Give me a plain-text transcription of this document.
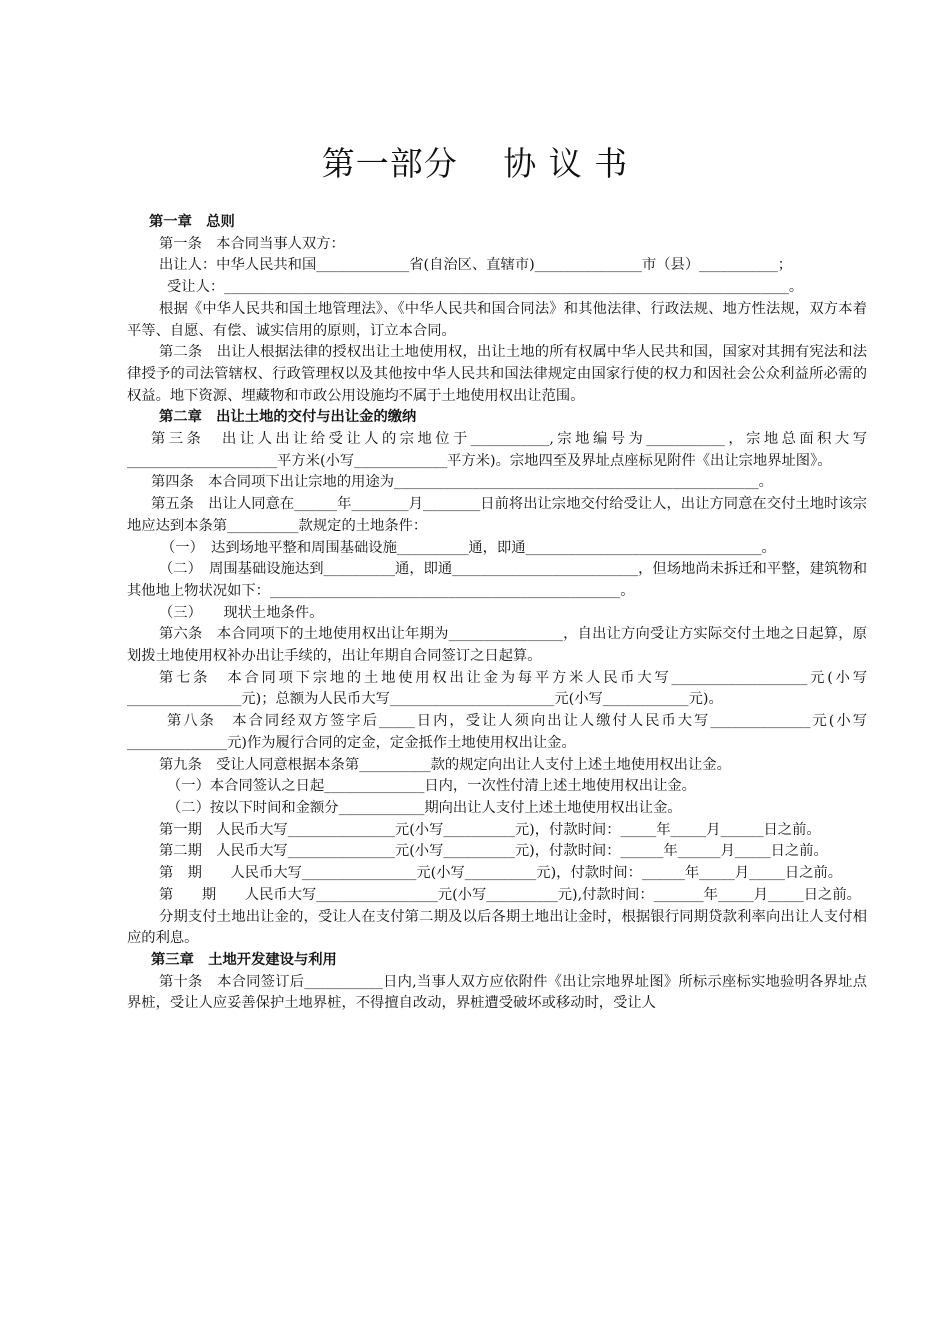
第一部分　 协 议 书

第一章　总则

第一条　本合同当事人双方：

出让人：中华人民共和国_____________省(自治区、直辖市)_______________市（县）___________；

受让人：_______________________________________________________________________________。

根据《中华人民共和国土地管理法》、《中华人民共和国合同法》和其他法律、行政法规、地方性法规，双方本着平等、自愿、有偿、诚实信用的原则，订立本合同。

第二条　出让人根据法律的授权出让土地使用权，出让土地的所有权属中华人民共和国，国家对其拥有宪法和法律授予的司法管辖权、行政管理权以及其他按中华人民共和国法律规定由国家行使的权力和因社会公众利益所必需的权益。地下资源、埋藏物和市政公用设施均不属于土地使用权出让范围。

第二章　出让土地的交付与出让金的缴纳

第三条　出让人出让给受让人的宗地位于___________,宗地编号为___________，宗地总面积大写_____________________平方米(小写_____________平方米)。宗地四至及界址点座标见附件《出让宗地界址图》。

第四条　本合同项下出让宗地的用途为___________________________________________________。

第五条　出让人同意在______年________月________日前将出让宗地交付给受让人，出让方同意在交付土地时该宗地应达到本条第__________款规定的土地条件：

（一）　达到场地平整和周围基础设施__________通，即通_________________________________。

（二）　周围基础设施达到__________通，即通__________________________，但场地尚未拆迁和平整，建筑物和其他地上物状况如下：_________________________________________________。

（三）　　现状土地条件。

第六条　本合同项下的土地使用权出让年期为________________，自出让方向受让方实际交付土地之日起算，原划拨土地使用权补办出让手续的，出让年期自合同签订之日起算。

第七条　本合同项下宗地的土地使用权出让金为每平方米人民币大写___________________元(小写________________元)；总额为人民币大写_______________________元(小写____________元)。

第八条　本合同经双方签字后_____日内，受让人须向出让人缴付人民币大写______________元(小写______________元)作为履行合同的定金，定金抵作土地使用权出让金。

第九条　受让人同意根据本条第__________款的规定向出让人支付上述土地使用权出让金。

（一）本合同签认之日起______________日内，一次性付清上述土地使用权出让金。

（二）按以下时间和金额分____________期向出让人支付上述土地使用权出让金。

第一期　人民币大写_______________元(小写__________元)，付款时间：_____年_____月______日之前。

第二期　人民币大写_______________元(小写__________元)，付款时间：______年______月_____日之前。

第　期　　人民币大写________________元(小写__________元)，付款时间：______年_____月_____日之前。

第　　期　　人民币大写_________________元(小写__________元),付款时间：_______年_____月_____日之前。

分期支付土地出让金的，受让人在支付第二期及以后各期土地出让金时，根据银行同期贷款利率向出让人支付相应的利息。

第三章　土地开发建设与利用

第十条　本合同签订后___________日内,当事人双方应依附件《出让宗地界址图》所标示座标实地验明各界址点界桩，受让人应妥善保护土地界桩，不得擅自改动，界桩遭受破坏或移动时，受让人
